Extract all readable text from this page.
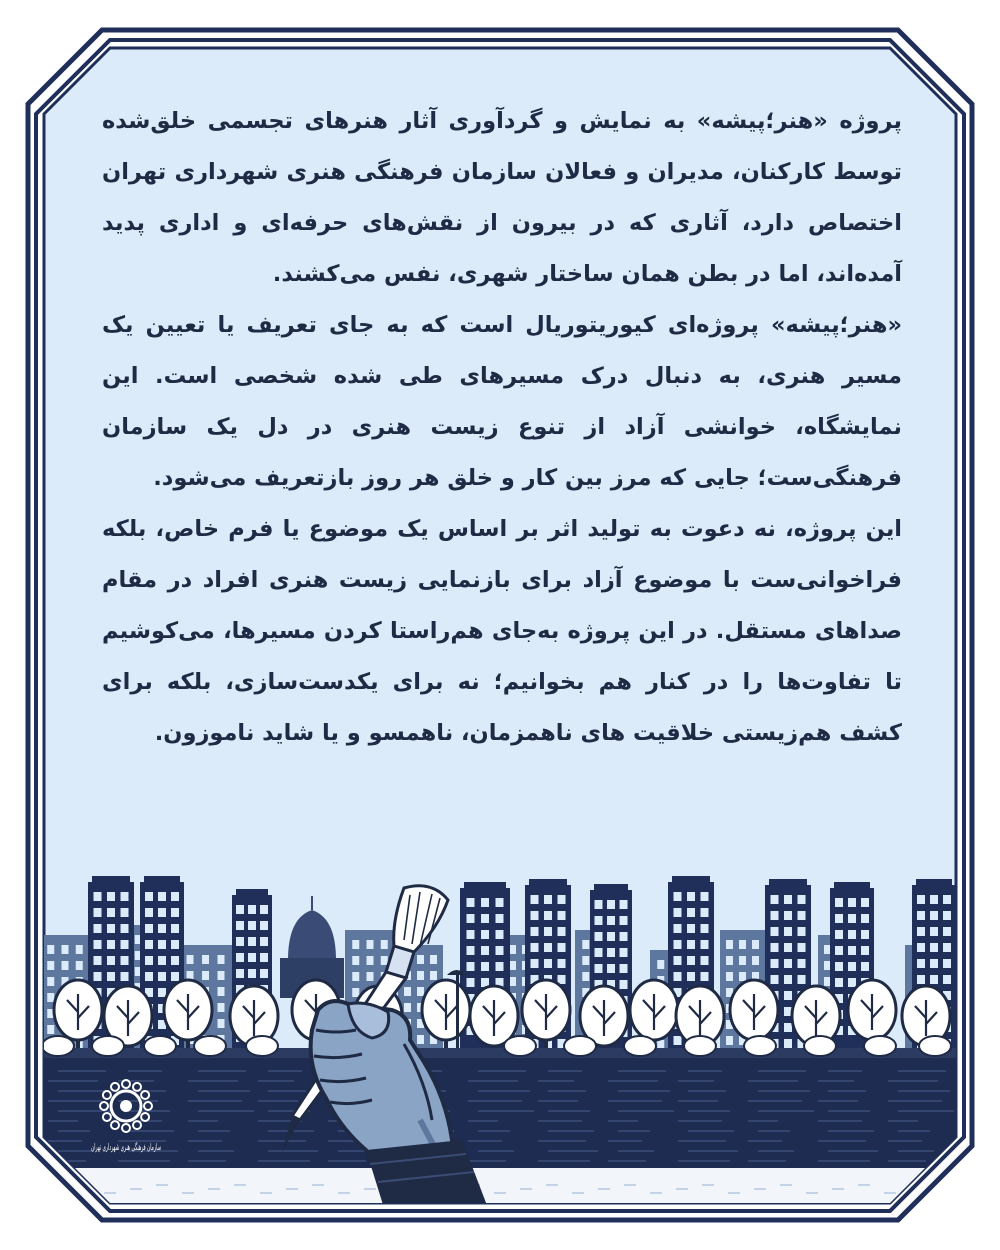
پروژه «هنر؛پیشه» به نمایش و گردآوری آثار هنرهای تجسمی خلق‌شده توسط کارکنان، مدیران و فعالان سازمان فرهنگی هنری شهرداری تهران اختصاص دارد، آثاری که در بیرون از نقش‌های حرفه‌ای و اداری پدید آمده‌اند، اما در بطن همان ساختار شهری، نفس می‌کشند.

«هنر؛پیشه» پروژه‌ای کیوریتوریال است که به جای تعریف یا تعیین یک مسیر هنری، به دنبال درک مسیرهای طی شده شخصی است. این نمایشگاه، خوانشی آزاد از تنوع زیست هنری در دل یک سازمان فرهنگی‌ست؛ جایی که مرز بین کار و خلق هر روز بازتعریف می‌شود.

این پروژه، نه دعوت به تولید اثر بر اساس یک موضوع یا فرم خاص، بلکه فراخوانی‌ست با موضوع آزاد برای بازنمایی زیست هنری افراد در مقام صداهای مستقل. در این پروژه به‌جای هم‌راستا کردن مسیرها، می‌کوشیم تا تفاوت‌ها را در کنار هم بخوانیم؛ نه برای یکدست‌سازی، بلکه برای کشف هم‌زیستی خلاقیت های ناهمزمان، ناهمسو و یا شاید ناموزون.
